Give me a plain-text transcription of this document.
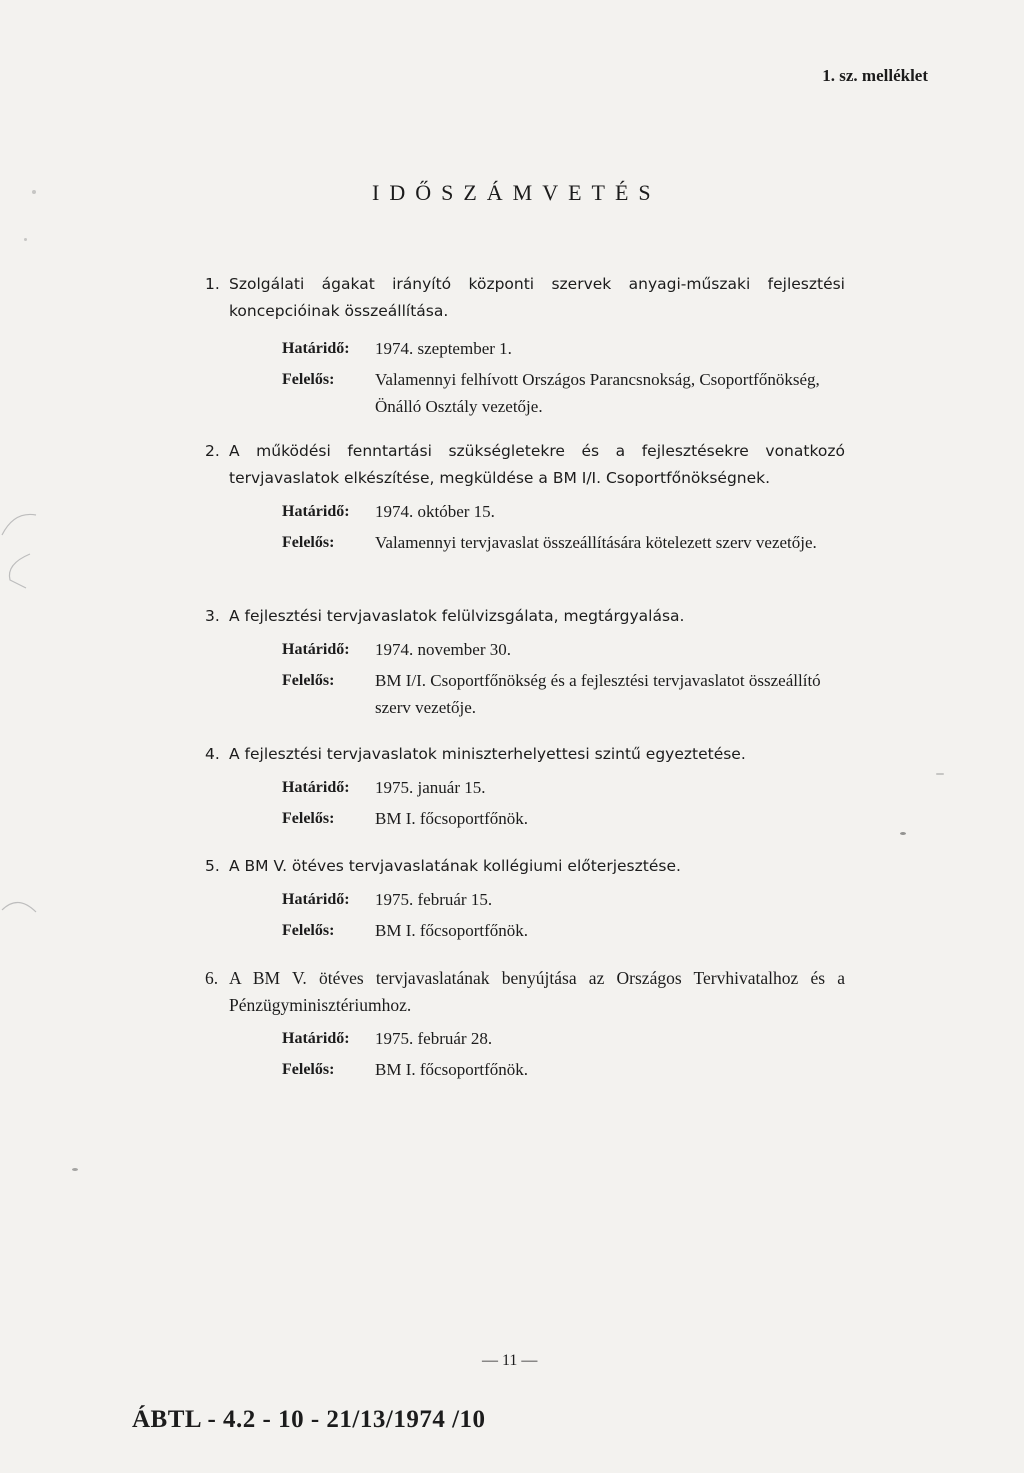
1. sz. melléklet
IDŐSZÁMVETÉS
1. Szolgálati ágakat irányító központi szervek anyagi-műszaki fejlesztési koncepcióinak összeállítása.
Határidő:	1974. szeptember 1.
Felelős:	Valamennyi felhívott Országos Parancsnokság, Csoportfőnökség, Önálló Osztály vezetője.
2. A működési fenntartási szükségletekre és a fejlesztésekre vonatkozó tervjavaslatok elkészítése, megküldése a BM I/I. Csoportfőnökségnek.
Határidő:	1974. október 15.
Felelős:	Valamennyi tervjavaslat összeállítására kötelezett szerv vezetője.
3. A fejlesztési tervjavaslatok felülvizsgálata, megtárgyalása.
Határidő:	1974. november 30.
Felelős:	BM I/I. Csoportfőnökség és a fejlesztési tervjavaslatot összeállító szerv vezetője.
4. A fejlesztési tervjavaslatok miniszterhelyettesi szintű egyeztetése.
Határidő:	1975. január 15.
Felelős:	BM I. főcsoportfőnök.
5. A BM V. ötéves tervjavaslatának kollégiumi előterjesztése.
Határidő:	1975. február 15.
Felelős:	BM I. főcsoportfőnök.
6. A BM V. ötéves tervjavaslatának benyújtása az Országos Tervhivatalhoz és a Pénzügyminisztériumhoz.
Határidő:	1975. február 28.
Felelős:	BM I. főcsoportfőnök.
— 11 —
ÁBTL - 4.2 - 10 - 21/13/1974 /10
